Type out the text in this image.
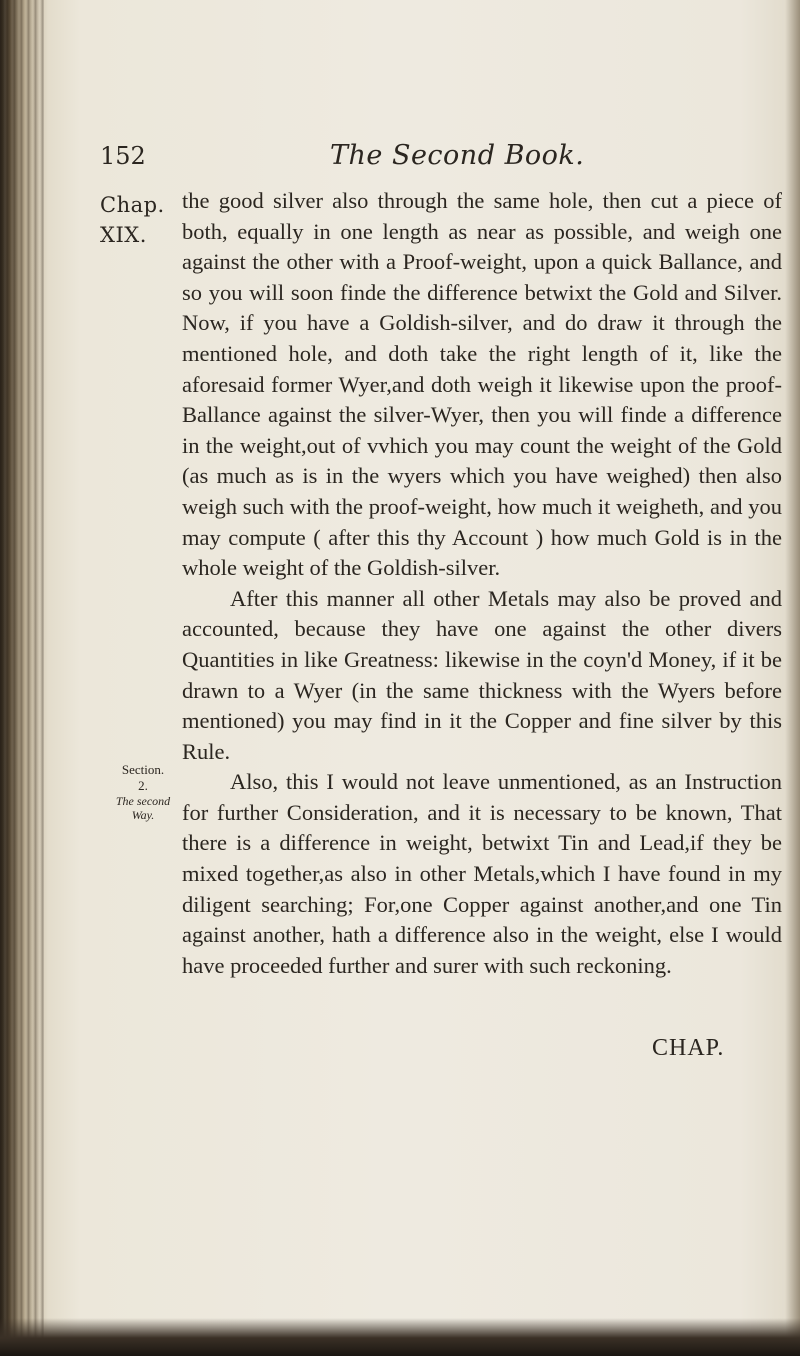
152	The Second Book.
Chap.
XIX.
Section.
2.
The second Way.

the good silver also through the same hole, then cut a piece of both, equally in one length as near as possible, and weigh one against the other with a Proof-weight, upon a quick Ballance, and so you will soon finde the difference betwixt the Gold and Silver. Now, if you have a Goldish-silver, and do draw it through the mentioned hole, and doth take the right length of it, like the aforesaid former Wyer,and doth weigh it likewise upon the proof-Ballance against the silver-Wyer, then you will finde a difference in the weight,out of vvhich you may count the weight of the Gold (as much as is in the wyers which you have weighed) then also weigh such with the proof-weight, how much it weigheth, and you may compute ( after this thy Account ) how much Gold is in the whole weight of the Goldish-silver.

After this manner all other Metals may also be proved and accounted, because they have one against the other divers Quantities in like Greatness: likewise in the coyn'd Money, if it be drawn to a Wyer (in the same thickness with the Wyers before mentioned) you may find in it the Copper and fine silver by this Rule.

Also, this I would not leave unmentioned, as an Instruction for further Consideration, and it is necessary to be known, That there is a difference in weight, betwixt Tin and Lead,if they be mixed together,as also in other Metals,which I have found in my diligent searching; For,one Copper against another,and one Tin against another, hath a difference also in the weight, else I would have proceeded further and surer with such reckoning.

CHAP.
